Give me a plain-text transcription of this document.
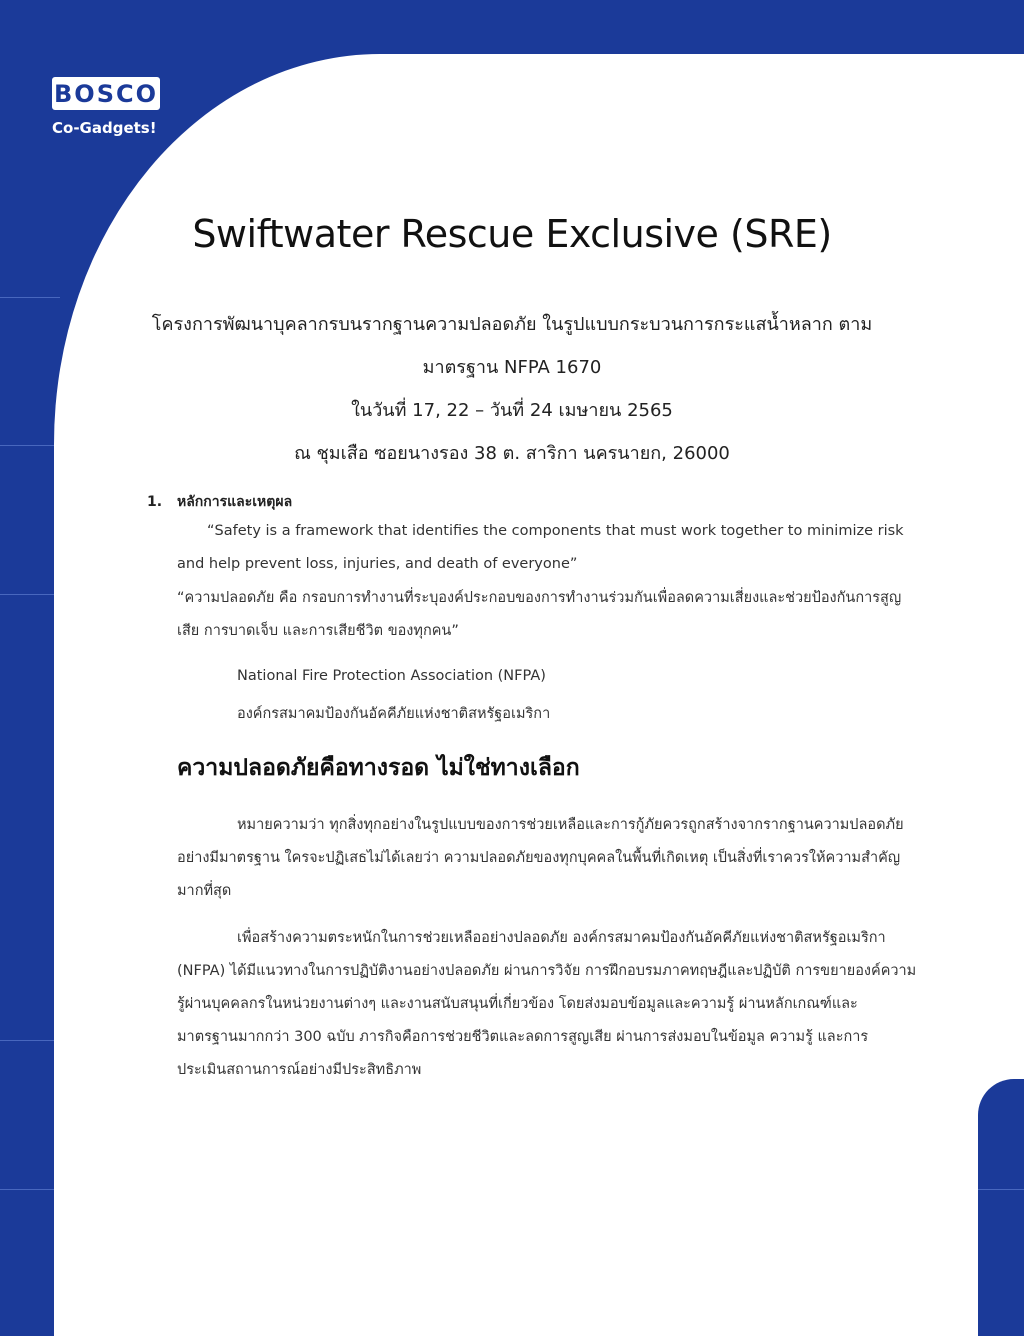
BOSCO
Co-Gadgets!
Swiftwater Rescue Exclusive (SRE)
โครงการพัฒนาบุคลากรบนรากฐานความปลอดภัย ในรูปแบบกระบวนการกระแสน้ำหลาก ตาม
มาตรฐาน NFPA 1670
ในวันที่ 17, 22 – วันที่ 24 เมษายน 2565
ณ ชุมเสือ ซอยนางรอง 38 ต. สาริกา นครนายก, 26000
1. หลักการและเหตุผล
“Safety is a framework that identifies the components that must work together to minimize risk and help prevent loss, injuries, and death of everyone”
“ความปลอดภัย คือ กรอบการทำงานที่ระบุองค์ประกอบของการทำงานร่วมกันเพื่อลดความเสี่ยงและช่วยป้องกันการสูญเสีย การบาดเจ็บ และการเสียชีวิต ของทุกคน”
National Fire Protection Association (NFPA)
องค์กรสมาคมป้องกันอัคคีภัยแห่งชาติสหรัฐอเมริกา
ความปลอดภัยคือทางรอด ไม่ใช่ทางเลือก
หมายความว่า ทุกสิ่งทุกอย่างในรูปแบบของการช่วยเหลือและการกู้ภัยควรถูกสร้างจากรากฐานความปลอดภัยอย่างมีมาตรฐาน ใครจะปฏิเสธไม่ได้เลยว่า ความปลอดภัยของทุกบุคคลในพื้นที่เกิดเหตุ เป็นสิ่งที่เราควรให้ความสำคัญมากที่สุด
เพื่อสร้างความตระหนักในการช่วยเหลืออย่างปลอดภัย องค์กรสมาคมป้องกันอัคคีภัยแห่งชาติสหรัฐอเมริกา (NFPA) ได้มีแนวทางในการปฏิบัติงานอย่างปลอดภัย ผ่านการวิจัย การฝึกอบรมภาคทฤษฎีและปฏิบัติ การขยายองค์ความรู้ผ่านบุคคลกรในหน่วยงานต่างๆ และงานสนับสนุนที่เกี่ยวข้อง โดยส่งมอบข้อมูลและความรู้ ผ่านหลักเกณฑ์และมาตรฐานมากกว่า 300 ฉบับ ภารกิจคือการช่วยชีวิตและลดการสูญเสีย ผ่านการส่งมอบในข้อมูล ความรู้ และการประเมินสถานการณ์อย่างมีประสิทธิภาพ
